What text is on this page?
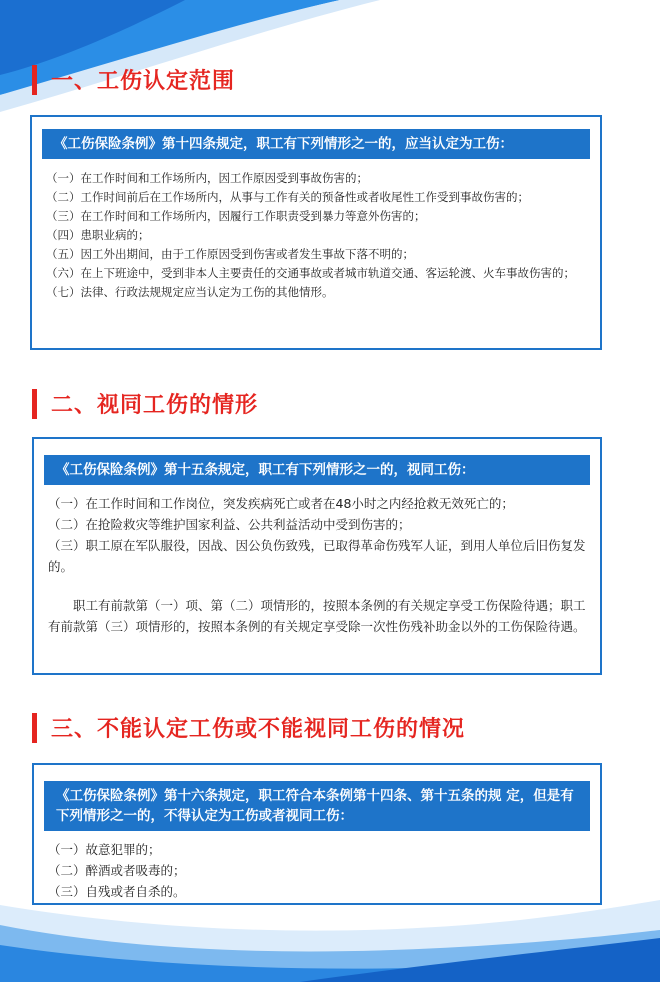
一、工伤认定范围
《工伤保险条例》第十四条规定，职工有下列情形之一的，应当认定为工伤：

（一）在工作时间和工作场所内，因工作原因受到事故伤害的；

（二）工作时间前后在工作场所内，从事与工作有关的预备性或者收尾性工作受到事故伤害的；

（三）在工作时间和工作场所内，因履行工作职责受到暴力等意外伤害的；

（四）患职业病的；

（五）因工外出期间，由于工作原因受到伤害或者发生事故下落不明的；

（六）在上下班途中，受到非本人主要责任的交通事故或者城市轨道交通、客运轮渡、火车事故伤害的；

（七）法律、行政法规规定应当认定为工伤的其他情形。

二、视同工伤的情形
《工伤保险条例》第十五条规定，职工有下列情形之一的，视同工伤：

（一）在工作时间和工作岗位，突发疾病死亡或者在48小时之内经抢救无效死亡的；

（二）在抢险救灾等维护国家利益、公共利益活动中受到伤害的；

（三）职工原在军队服役，因战、因公负伤致残，已取得革命伤残军人证，到用人单位后旧伤复发的。

职工有前款第（一）项、第（二）项情形的，按照本条例的有关规定享受工伤保险待遇；职工有前款第（三）项情形的，按照本条例的有关规定享受除一次性伤残补助金以外的工伤保险待遇。

三、不能认定工伤或不能视同工伤的情况
《工伤保险条例》第十六条规定，职工符合本条例第十四条、第十五条的规 定，但是有下列情形之一的，不得认定为工伤或者视同工伤：

（一）故意犯罪的；

（二）醉酒或者吸毒的；

（三）自残或者自杀的。
